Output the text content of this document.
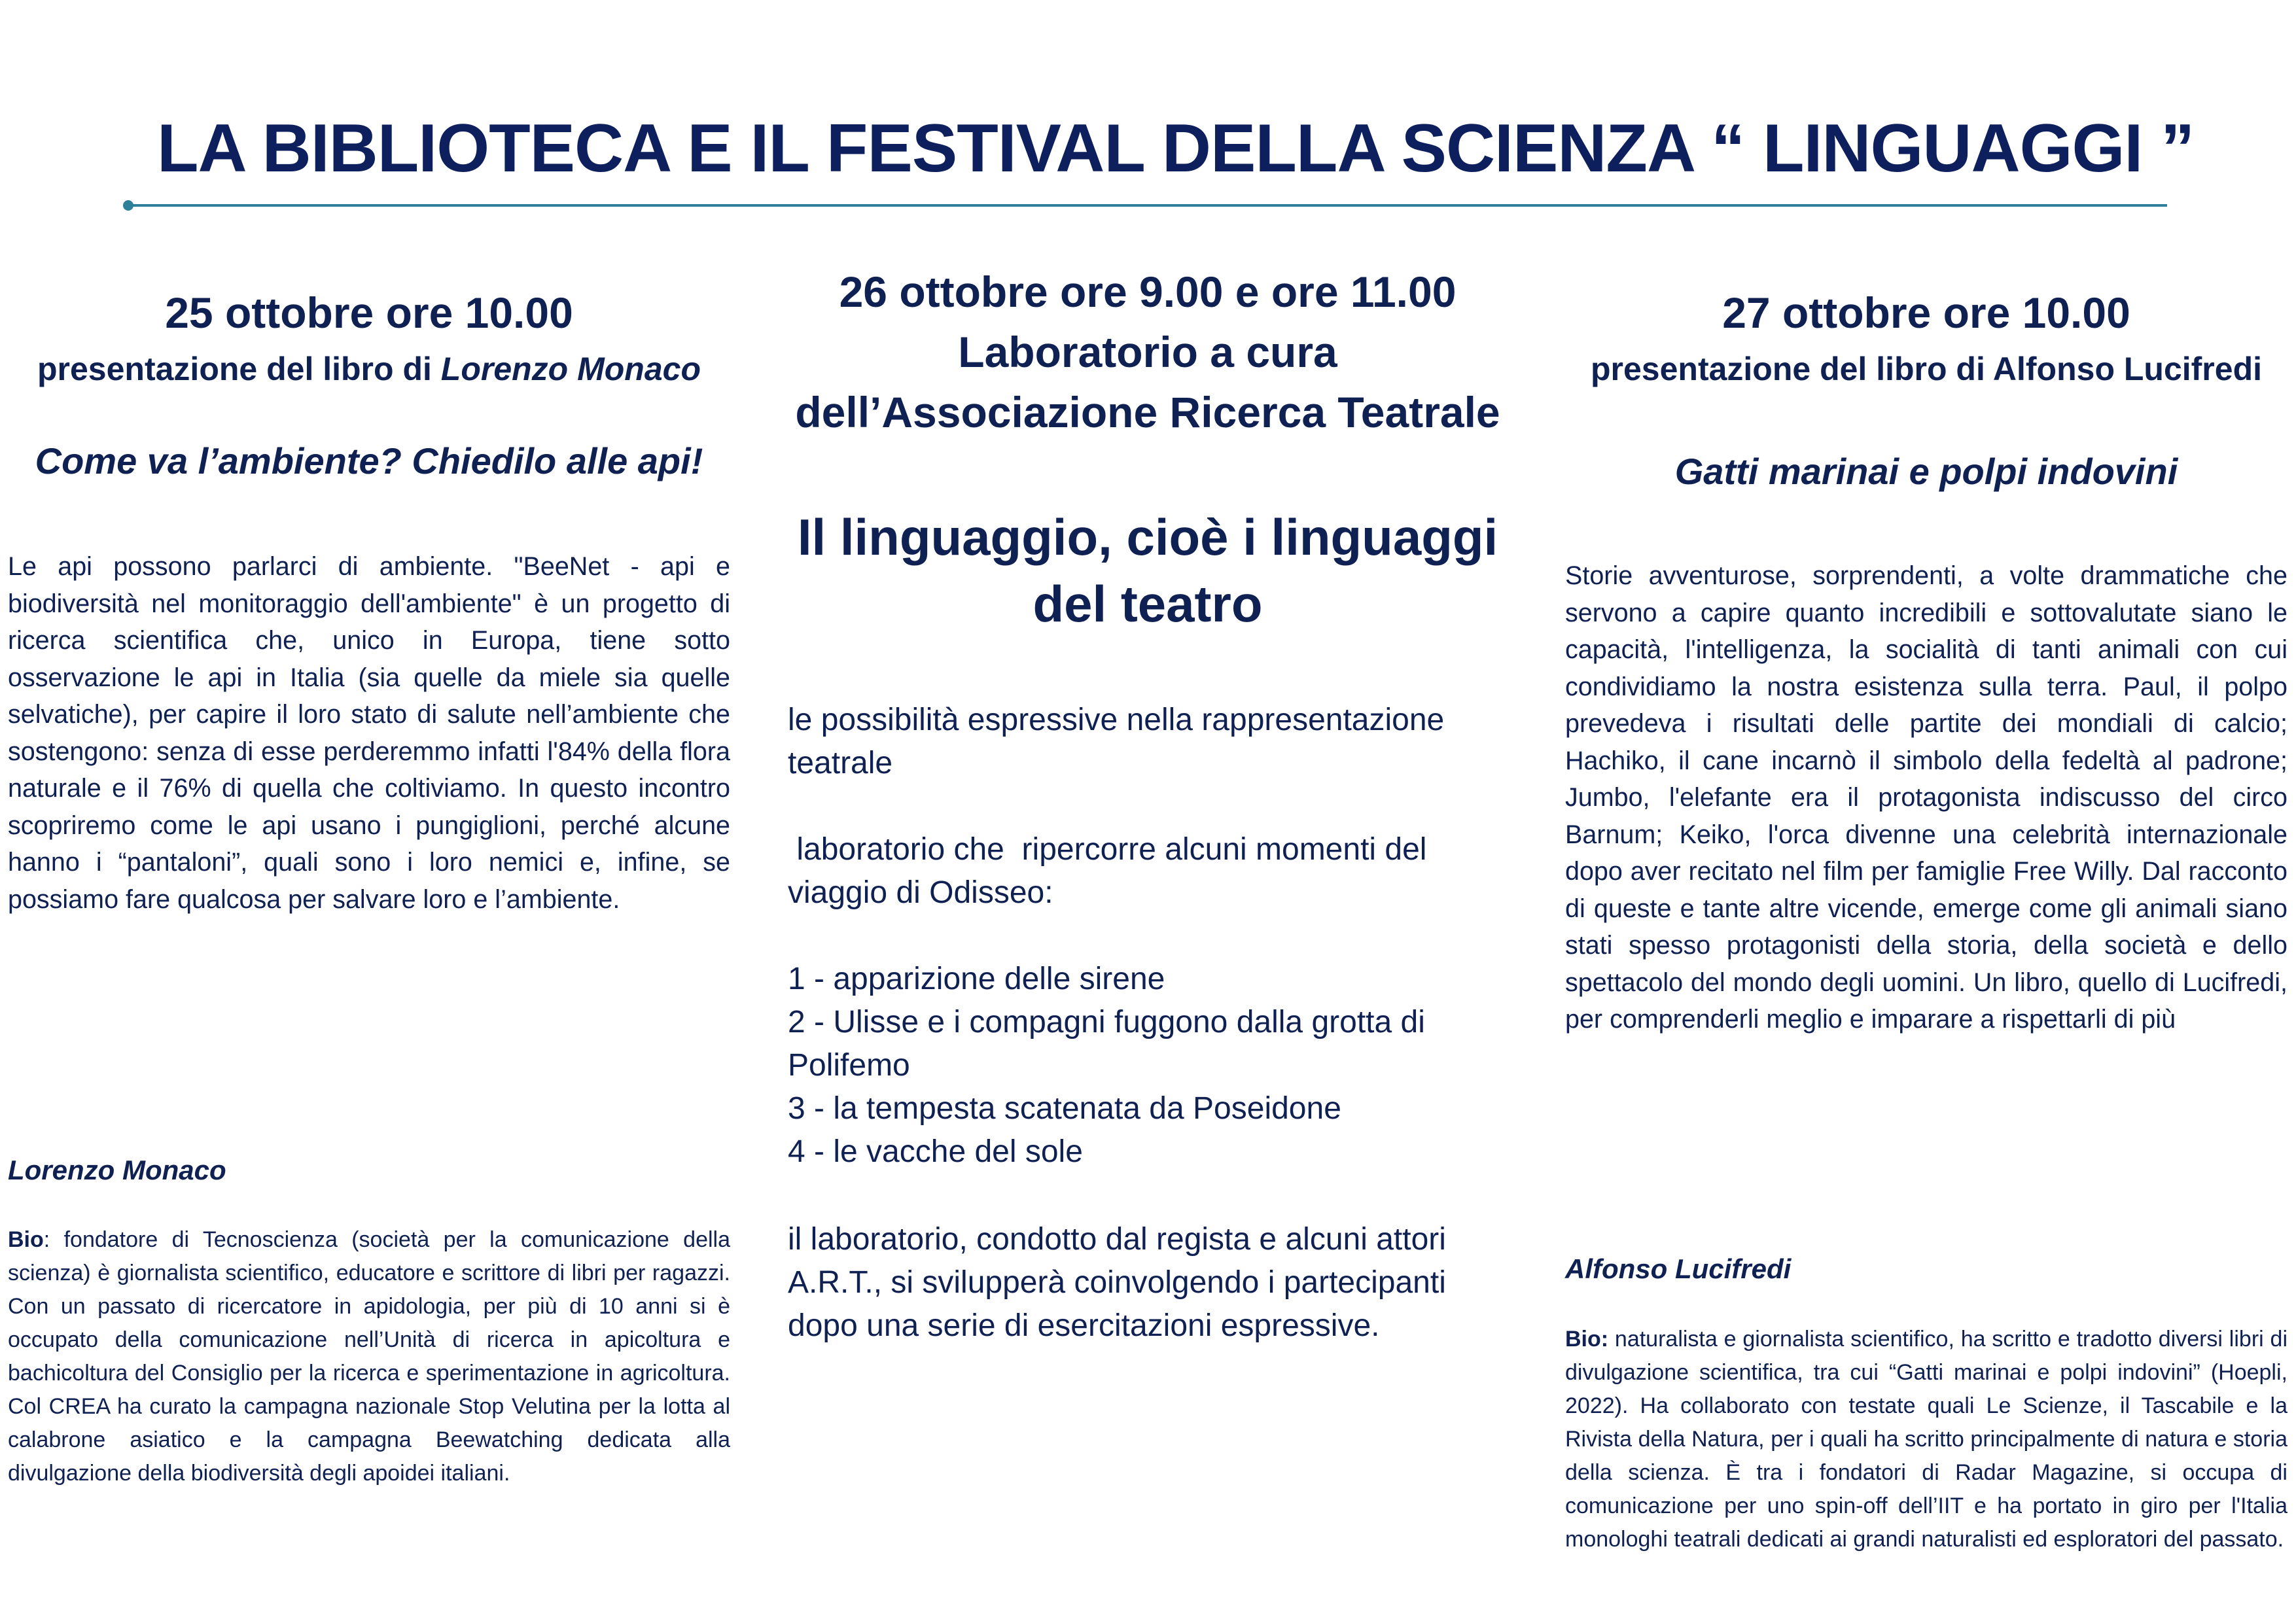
LA BIBLIOTECA E IL FESTIVAL DELLA SCIENZA “ LINGUAGGI ”
25 ottobre ore 10.00
presentazione del libro di Lorenzo Monaco
Come va l’ambiente? Chiedilo alle api!

Le api possono parlarci di ambiente. "BeeNet - api e biodiversità nel monitoraggio dell'ambiente" è un progetto di ricerca scientifica che, unico in Europa, tiene sotto osservazione le api in Italia (sia quelle da miele sia quelle selvatiche), per capire il loro stato di salute nell’ambiente che sostengono: senza di esse perderemmo infatti l'84% della flora naturale e il 76% di quella che coltiviamo. In questo incontro scopriremo come le api usano i pungiglioni, perché alcune hanno i “pantaloni”, quali sono i loro nemici e, infine, se possiamo fare qualcosa per salvare loro e l’ambiente.

Lorenzo Monaco

Bio: fondatore di Tecnoscienza (società per la comunicazione della scienza) è giornalista scientifico, educatore e scrittore di libri per ragazzi. Con un passato di ricercatore in apidologia, per più di 10 anni si è occupato della comunicazione nell’Unità di ricerca in apicoltura e bachicoltura del Consiglio per la ricerca e sperimentazione in agricoltura. Col CREA ha curato la campagna nazionale Stop Velutina per la lotta al calabrone asiatico e la campagna Beewatching dedicata alla divulgazione della biodiversità degli apoidei italiani.

26 ottobre ore 9.00 e ore 11.00
Laboratorio a cura
dell’Associazione Ricerca Teatrale
Il linguaggio, cioè i linguaggi del teatro

le possibilità espressive nella rappresentazione teatrale

laboratorio che  ripercorre alcuni momenti del viaggio di Odisseo:

1 - apparizione delle sirene

2 - Ulisse e i compagni fuggono dalla grotta di Polifemo

3 - la tempesta scatenata da Poseidone

4 - le vacche del sole

il laboratorio, condotto dal regista e alcuni attori A.R.T., si svilupperà coinvolgendo i partecipanti dopo una serie di esercitazioni espressive.

27 ottobre ore 10.00
presentazione del libro di Alfonso Lucifredi
Gatti marinai e polpi indovini

Storie avventurose, sorprendenti, a volte drammatiche che servono a capire quanto incredibili e sottovalutate siano le capacità, l'intelligenza, la socialità di tanti animali con cui condividiamo la nostra esistenza sulla terra. Paul, il polpo prevedeva i risultati delle partite dei mondiali di calcio; Hachiko, il cane incarnò il simbolo della fedeltà al padrone; Jumbo, l'elefante era il protagonista indiscusso del circo Barnum; Keiko, l'orca divenne una celebrità internazionale dopo aver recitato nel film per famiglie Free Willy. Dal racconto di queste e tante altre vicende, emerge come gli animali siano stati spesso protagonisti della storia, della società e dello spettacolo del mondo degli uomini. Un libro, quello di Lucifredi, per comprenderli meglio e imparare a rispettarli di più

Alfonso Lucifredi

Bio: naturalista e giornalista scientifico, ha scritto e tradotto diversi libri di divulgazione scientifica, tra cui “Gatti marinai e polpi indovini” (Hoepli, 2022). Ha collaborato con testate quali Le Scienze, il Tascabile e la Rivista della Natura, per i quali ha scritto principalmente di natura e storia della scienza. È tra i fondatori di Radar Magazine, si occupa di comunicazione per uno spin-off dell’IIT e ha portato in giro per l'Italia monologhi teatrali dedicati ai grandi naturalisti ed esploratori del passato.
